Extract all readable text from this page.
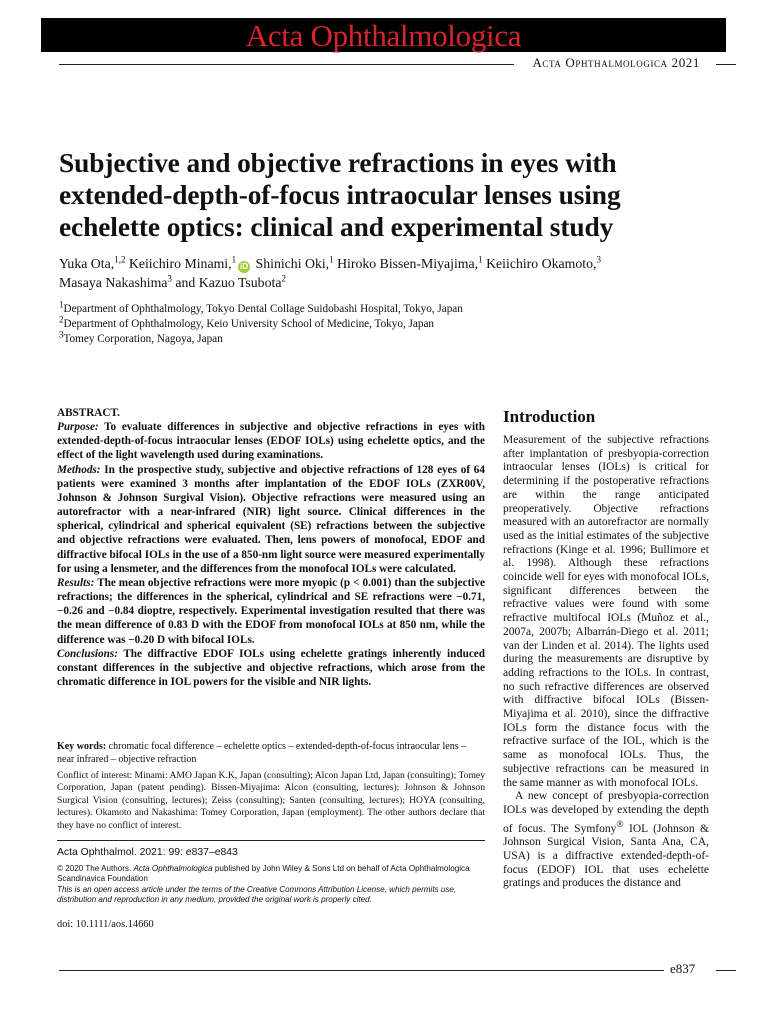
Acta Ophthalmologica
Acta Ophthalmologica 2021
Subjective and objective refractions in eyes with extended-depth-of-focus intraocular lenses using echelette optics: clinical and experimental study
Yuka Ota,$^{1,2}$ Keiichiro Minami,$^1$iD Shinichi Oki,$^1$ Hiroko Bissen-Miyajima,$^1$ Keiichiro Okamoto,$^3$
Masaya Nakashima$^3$ and Kazuo Tsubota$^2$
$^1$Department of Ophthalmology, Tokyo Dental Collage Suidobashi Hospital, Tokyo, Japan
$^2$Department of Ophthalmology, Keio University School of Medicine, Tokyo, Japan
$^3$Tomey Corporation, Nagoya, Japan

ABSTRACT.

Purpose: To evaluate differences in subjective and objective refractions in eyes with extended-depth-of-focus intraocular lenses (EDOF IOLs) using echelette optics, and the effect of the light wavelength used during examinations.

Methods: In the prospective study, subjective and objective refractions of 128 eyes of 64 patients were examined 3 months after implantation of the EDOF IOLs (ZXR00V, Johnson & Johnson Surgival Vision). Objective refractions were measured using an autorefractor with a near-infrared (NIR) light source. Clinical differences in the spherical, cylindrical and spherical equivalent (SE) refractions between the subjective and objective refractions were evaluated. Then, lens powers of monofocal, EDOF and diffractive bifocal IOLs in the use of a 850-nm light source were measured experimentally for using a lensmeter, and the differences from the monofocal IOLs were calculated.

Results: The mean objective refractions were more myopic (p < 0.001) than the subjective refractions; the differences in the spherical, cylindrical and SE refractions were −0.71, −0.26 and −0.84 dioptre, respectively. Experimental investigation resulted that there was the mean difference of 0.83 D with the EDOF from monofocal IOLs at 850 nm, while the difference was −0.20 D with bifocal IOLs.

Conclusions: The diffractive EDOF IOLs using echelette gratings inherently induced constant differences in the subjective and objective refractions, which arose from the chromatic difference in IOL powers for the visible and NIR lights.

Key words: chromatic focal difference – echelette optics – extended-depth-of-focus intraocular lens – near infrared – objective refraction
Conflict of interest: Minami: AMO Japan K.K, Japan (consulting); Alcon Japan Ltd, Japan (consulting); Tomey Corporation, Japan (patent pending). Bissen-Miyajima: Alcon (consulting, lectures); Johnson & Johnson Surgical Vision (consulting, lectures); Zeiss (consulting); Santen (consulting, lectures); HOYA (consulting, lectures). Okamoto and Nakashima: Tomey Corporation, Japan (employment). The other authors declare that they have no conflict of interest.
Acta Ophthalmol. 2021: 99: e837–e843
© 2020 The Authors. Acta Ophthalmologica published by John Wiley & Sons Ltd on behalf of Acta Ophthalmologica Scandinavica Foundation
This is an open access article under the terms of the Creative Commons Attribution License, which permits use, distribution and reproduction in any medium, provided the original work is properly cited.
doi: 10.1111/aos.14660
Introduction

Measurement of the subjective refractions after implantation of presbyopia-correction intraocular lenses (IOLs) is critical for determining if the postoperative refractions are within the range anticipated preoperatively. Objective refractions measured with an autorefractor are normally used as the initial estimates of the subjective refractions (Kinge et al. 1996; Bullimore et al. 1998). Although these refractions coincide well for eyes with monofocal IOLs, significant differences between the refractive values were found with some refractive multifocal IOLs (Muñoz et al., 2007a, 2007b; Albarrán-Diego et al. 2011; van der Linden et al. 2014). The lights used during the measurements are disruptive by adding refractions to the IOLs. In contrast, no such refractive differences are observed with diffractive bifocal IOLs (Bissen-Miyajima et al. 2010), since the diffractive IOLs form the distance focus with the refractive surface of the IOL, which is the same as monofocal IOLs. Thus, the subjective refractions can be measured in the same manner as with monofocal IOLs.

A new concept of presbyopia-correction IOLs was developed by extending the depth of focus. The Symfony® IOL (Johnson & Johnson Surgical Vision, Santa Ana, CA, USA) is a diffractive extended-depth-of-focus (EDOF) IOL that uses echelette gratings and produces the distance and

e837
